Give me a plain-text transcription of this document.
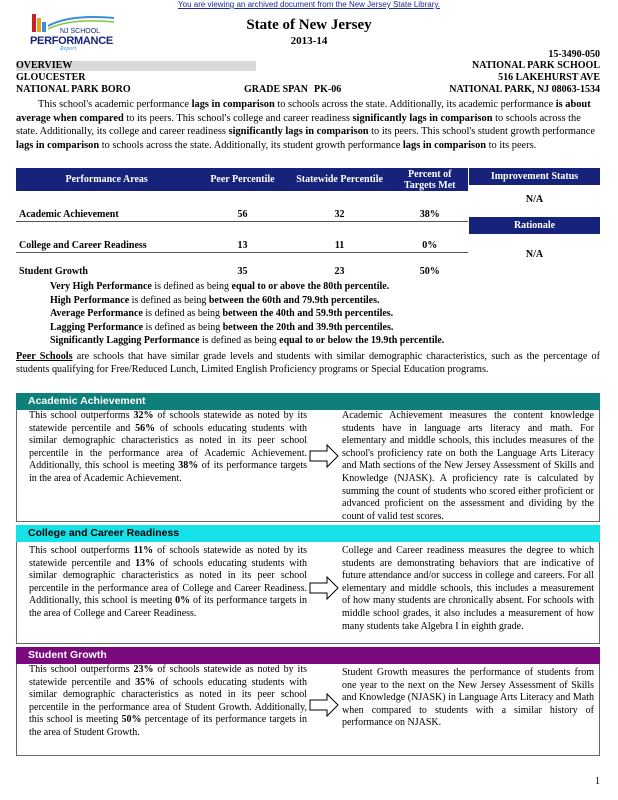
You are viewing an archived document from the New Jersey State Library.
NJ SCHOOL
PERFORMANCE
Report
State of New Jersey
2013-14
15-3490-050
OVERVIEW
GLOUCESTER
NATIONAL PARK BORO	GRADE SPAN PK-06
NATIONAL PARK SCHOOL
516 LAKEHURST AVE
NATIONAL PARK, NJ 08063-1534
This school's academic performance lags in comparison to schools across the state. Additionally, its academic performance is about average when compared to its peers. This school's college and career readiness significantly lags in comparison to schools across the state. Additionally, its college and career readiness significantly lags in comparison to its peers. This school's student growth performance lags in comparison to schools across the state. Additionally, its student growth performance lags in comparison to its peers.
Performance Areas	Peer Percentile	Statewide Percentile	Percent of Targets Met
Academic Achievement	56	32	38%
College and Career Readiness	13	11	0%
Student Growth	35	23	50%
Improvement Status
N/A
Rationale
N/A
Very High Performance is defined as being equal to or above the 80th percentile.
High Performance is defined as being between the 60th and 79.9th percentiles.
Average Performance is defined as being between the 40th and 59.9th percentiles.
Lagging Performance is defined as being between the 20th and 39.9th percentiles.
Significantly Lagging Performance is defined as being equal to or below the 19.9th percentile.
Peer Schools are schools that have similar grade levels and students with similar demographic characteristics, such as the percentage of students qualifying for Free/Reduced Lunch, Limited English Proficiency programs or Special Education programs.
Academic Achievement
This school outperforms 32% of schools statewide as noted by its statewide percentile and 56% of schools educating students with similar demographic characteristics as noted in its peer school percentile in the performance area of Academic Achievement. Additionally, this school is meeting 38% of its performance targets in the area of Academic Achievement.
Academic Achievement measures the content knowledge students have in language arts literacy and math. For elementary and middle schools, this includes measures of the school's proficiency rate on both the Language Arts Literacy and Math sections of the New Jersey Assessment of Skills and Knowledge (NJASK). A proficiency rate is calculated by summing the count of students who scored either proficient or advanced proficient on the assessment and dividing by the count of valid test scores.
College and Career Readiness
This school outperforms 11% of schools statewide as noted by its statewide percentile and 13% of schools educating students with similar demographic characteristics as noted in its peer school percentile in the performance area of College and Career Readiness. Additionally, this school is meeting 0% of its performance targets in the area of College and Career Readiness.
College and Career readiness measures the degree to which students are demonstrating behaviors that are indicative of future attendance and/or success in college and careers. For all elementary and middle schools, this includes a measurement of how many students are chronically absent. For schools with middle school grades, it also includes a measurement of how many students take Algebra I in eighth grade.
Student Growth
This school outperforms 23% of schools statewide as noted by its statewide percentile and 35% of schools educating students with similar demographic characteristics as noted in its peer school percentile in the performance area of Student Growth. Additionally, this school is meeting 50% percentage of its performance targets in the area of Student Growth.
Student Growth measures the performance of students from one year to the next on the New Jersey Assessment of Skills and Knowledge (NJASK) in Language Arts Literacy and Math when compared to students with a similar history of performance on NJASK.
1
